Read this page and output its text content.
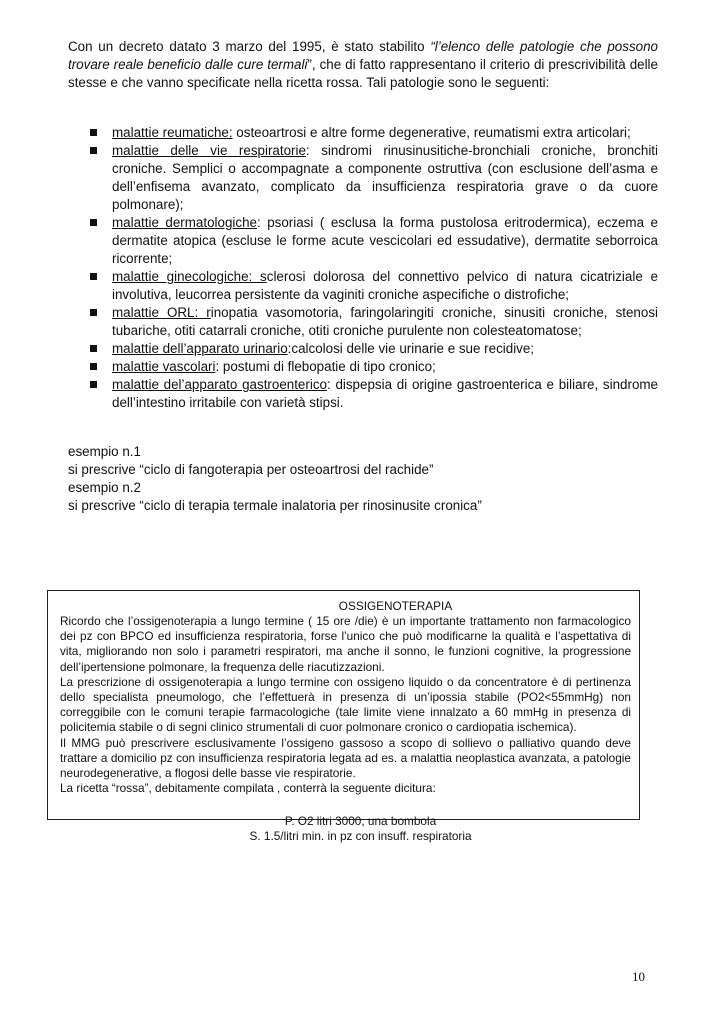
Con un decreto datato 3 marzo del 1995, è stato stabilito “l’elenco delle patologie che possono trovare reale beneficio dalle cure termali”, che di fatto rappresentano il criterio di prescrivibilità delle stesse e che vanno specificate nella ricetta rossa. Tali patologie sono le seguenti:

malattie reumatiche: osteoartrosi e altre forme degenerative, reumatismi extra articolari;
malattie delle vie respiratorie: sindromi rinusinusitiche-bronchiali croniche, bronchiti croniche. Semplici o accompagnate a componente ostruttiva (con esclusione dell’asma e dell’enfisema avanzato, complicato da insufficienza respiratoria grave o da cuore polmonare);
malattie dermatologiche: psoriasi ( esclusa la forma pustolosa eritrodermica), eczema e dermatite atopica (escluse le forme acute vescicolari ed essudative), dermatite seborroica ricorrente;
malattie ginecologiche: sclerosi dolorosa del connettivo pelvico di natura cicatriziale e involutiva, leucorrea persistente da vaginiti croniche aspecifiche o distrofiche;
malattie ORL: rinopatia vasomotoria, faringolaringiti croniche, sinusiti croniche, stenosi tubariche, otiti catarrali croniche, otiti croniche purulente non colesteatomatose;
malattie dell’apparato urinario:calcolosi delle vie urinarie e sue recidive;
malattie vascolari: postumi di flebopatie di tipo cronico;
malattie del’apparato gastroenterico: dispepsia di origine gastroenterica e biliare, sindrome dell’intestino irritabile con varietà stipsi.
esempio n.1
si prescrive “ciclo di fangoterapia per osteoartrosi del rachide”
esempio n.2
si prescrive “ciclo di terapia termale inalatoria per rinosinusite cronica”
OSSIGENOTERAPIA

Ricordo che l’ossigenoterapia a lungo termine ( 15 ore /die) è un importante trattamento non farmacologico dei pz con BPCO ed insufficienza respiratoria, forse l’unico che può modificarne la qualità e l’aspettativa di vita, migliorando non solo i parametri respiratori, ma anche il sonno, le funzioni cognitive, la progressione dell’ipertensione polmonare, la frequenza delle riacutizzazioni.

La prescrizione di ossigenoterapia a lungo termine con ossigeno liquido o da concentratore è di pertinenza dello specialista pneumologo, che l’effettuerà in presenza di un’ipossia stabile (PO2<55mmHg) non correggibile con le comuni terapie farmacologiche (tale limite viene innalzato a 60 mmHg in presenza di policitemia stabile o di segni clinico strumentali di cuor polmonare cronico o cardiopatia ischemica).

Il MMG può prescrivere esclusivamente l’ossigeno gassoso a scopo di sollievo o palliativo quando deve trattare a domicilio pz con insufficienza respiratoria legata ad es. a malattia neoplastica avanzata, a patologie neurodegenerative, a flogosi delle basse vie respiratorie.

La ricetta “rossa”, debitamente compilata , conterrà la seguente dicitura:

P. O2 litri 3000, una bombola
S. 1.5/litri min. in pz con insuff. respiratoria
10
